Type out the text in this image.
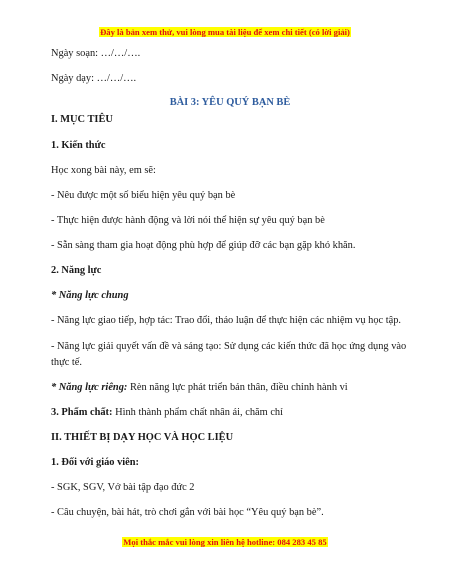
Đây là bản xem thử, vui lòng mua tài liệu để xem chi tiết (có lời giải)
Ngày soạn: …/…/….
Ngày dạy: …/…/….
BÀI 3: YÊU QUÝ BẠN BÈ
I. MỤC TIÊU
1. Kiến thức
Học xong bài này, em sẽ:
- Nêu được một số biểu hiện yêu quý bạn bè
- Thực hiện được hành động và lời nói thể hiện sự yêu quý bạn bè
- Sẵn sàng tham gia hoạt động phù hợp để giúp đỡ các bạn gặp khó khăn.
2. Năng lực
* Năng lực chung
- Năng lực giao tiếp, hợp tác: Trao đổi, thảo luận để thực hiện các nhiệm vụ học tập.
- Năng lực giải quyết vấn đề và sáng tạo: Sử dụng các kiến thức đã học ứng dụng vào thực tế.
* Năng lực riêng: Rèn năng lực phát triển bản thân, điều chỉnh hành vi
3. Phẩm chất: Hình thành phẩm chất nhân ái, chăm chỉ
II. THIẾT BỊ DẠY HỌC VÀ HỌC LIỆU
1. Đối với giáo viên:
- SGK, SGV, Vở bài tập đạo đức 2
- Câu chuyện, bài hát, trò chơi gắn với bài học “Yêu quý bạn bè”.
Mọi thắc mắc vui lòng xin liên hệ hotline: 084 283 45 85
